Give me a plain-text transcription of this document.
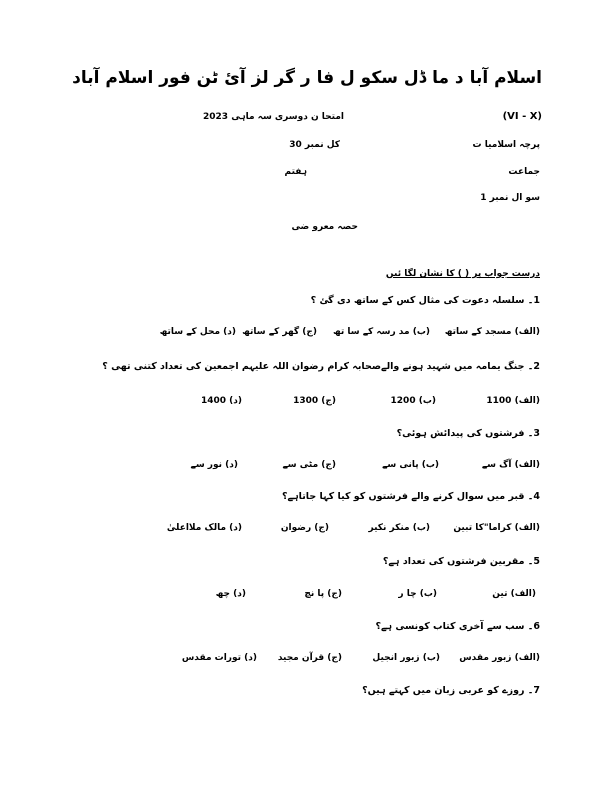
اسلام آبا د ما ڈل سکو ل فا ر گر لز آئ ٹن فور اسلام آباد
امتحا ن دوسری سہ ماہی 2023	(VI - X)
پرچہ اسلامیا ت
کل نمبر 30
جماعت
ہفتم
سو ال نمبر 1
حصہ معرو ضی
درست جواب پر ( ) کا نشان لگا ئیں
1۔ سلسلہ دعوت کی مثال کس کے ساتھ دی گئ ؟
(الف) مسجد کے ساتھ
(ب) مد رسہ کے سا تھ
(ج) گھر کے ساتھ
(د) محل کے ساتھ
2۔ جنگ یمامہ میں شہید ہونے والےصحابہ کرام رضوان اللہ علیہم اجمعین کی تعداد کتنی تھی ؟
(الف) 1100
(ب) 1200
(ج) 1300
(د) 1400
3۔ فرشتوں کی پیدائش ہوئی؟
(الف) آگ سے
(ب) پانی سے
(ج) مٹی سے
(د) نور سے
4۔ قبر میں سوال کرنے والے فرشتوں کو کیا کہا جاتاہے؟
(الف) کراما"کا تبین
(ب) منکر نکیر
(ج) رضوان
(د) مالک ملااعلیٰ
5۔ مقربین فرشتوں کی تعداد ہے؟
(الف) تین
(ب) چا ر
(ج) پا نچ
(د) چھ
6۔ سب سے آخری کتاب کونسی ہے؟
(الف) زبور مقدس
(ب) زبور انجیل
(ج) قرآن مجید
(د) تورات مقدس
7۔ روزے کو عربی زبان میں کہتے ہیں؟
